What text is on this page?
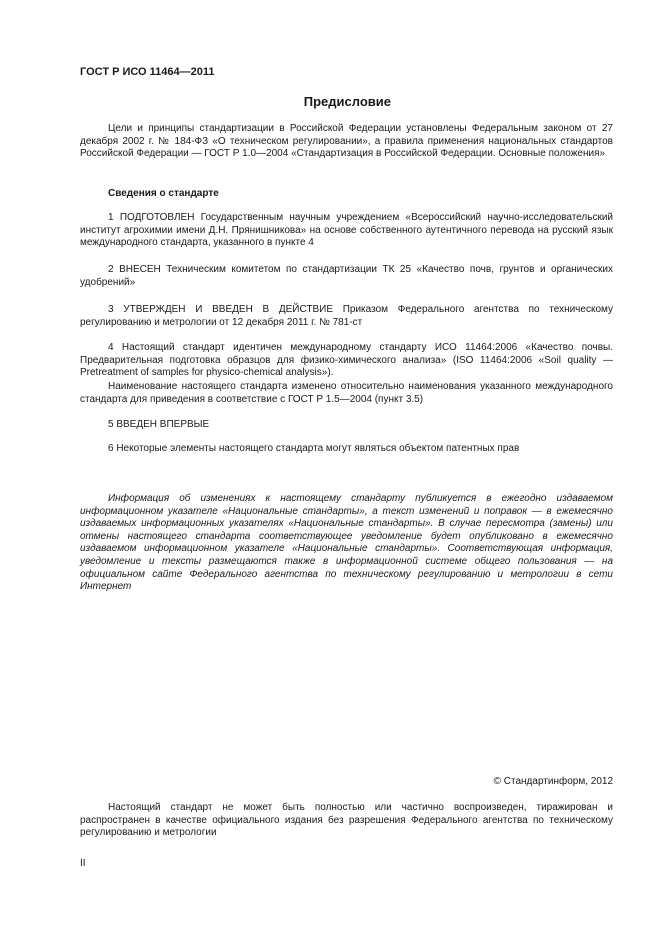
ГОСТ Р ИСО 11464—2011
Предисловие
Цели и принципы стандартизации в Российской Федерации установлены Федеральным законом от 27 декабря 2002 г. № 184-ФЗ «О техническом регулировании», а правила применения национальных стандартов Российской Федерации — ГОСТ Р 1.0—2004 «Стандартизация в Российской Федерации. Основные положения»
Сведения о стандарте
1 ПОДГОТОВЛЕН Государственным научным учреждением «Всероссийский научно-исследовательский институт агрохимии имени Д.Н. Прянишникова» на основе собственного аутентичного перевода на русский язык международного стандарта, указанного в пункте 4
2 ВНЕСЕН Техническим комитетом по стандартизации ТК 25 «Качество почв, грунтов и органических удобрений»
3 УТВЕРЖДЕН И ВВЕДЕН В ДЕЙСТВИЕ Приказом Федерального агентства по техническому регулированию и метрологии от 12 декабря 2011 г. № 781-ст
4 Настоящий стандарт идентичен международному стандарту ИСО 11464:2006 «Качество почвы. Предварительная подготовка образцов для физико-химического анализа» (ISO 11464:2006 «Soil quality — Pretreatment of samples for physico-chemical analysis»).
Наименование настоящего стандарта изменено относительно наименования указанного международного стандарта для приведения в соответствие с ГОСТ Р 1.5—2004 (пункт 3.5)
5 ВВЕДЕН ВПЕРВЫЕ
6 Некоторые элементы настоящего стандарта могут являться объектом патентных прав
Информация об изменениях к настоящему стандарту публикуется в ежегодно издаваемом информационном указателе «Национальные стандарты», а текст изменений и поправок — в ежемесячно издаваемых информационных указателях «Национальные стандарты». В случае пересмотра (замены) или отмены настоящего стандарта соответствующее уведомление будет опубликовано в ежемесячно издаваемом информационном указателе «Национальные стандарты». Соответствующая информация, уведомление и тексты размещаются также в информационной системе общего пользования — на официальном сайте Федерального агентства по техническому регулированию и метрологии в сети Интернет
© Стандартинформ, 2012
Настоящий стандарт не может быть полностью или частично воспроизведен, тиражирован и распространен в качестве официального издания без разрешения Федерального агентства по техническому регулированию и метрологии
II
